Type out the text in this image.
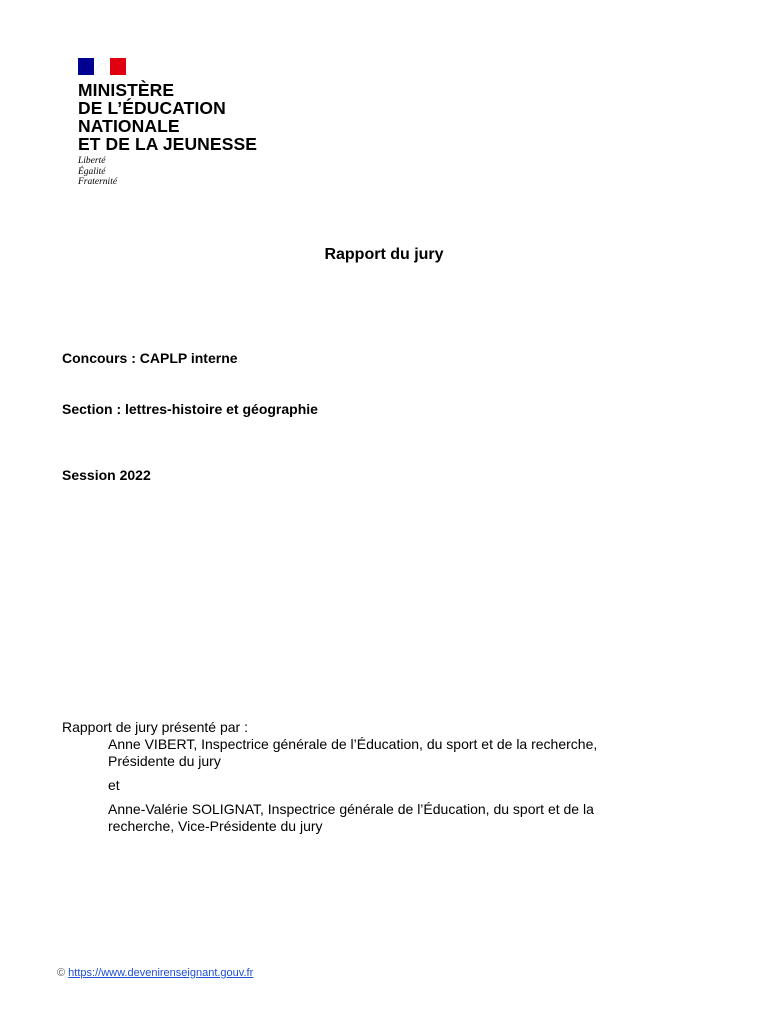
MINISTÈRE
DE L’ÉDUCATION
NATIONALE
ET DE LA JEUNESSE
Liberté
Égalité
Fraternité
Rapport du jury
Concours : CAPLP interne
Section : lettres-histoire et géographie
Session 2022
Rapport de jury présenté par :
Anne VIBERT, Inspectrice générale de l’Éducation, du sport et de la recherche,
Présidente du jury
et
Anne-Valérie SOLIGNAT, Inspectrice générale de l’Éducation, du sport et de la
recherche, Vice-Présidente du jury
© https://www.devenirenseignant.gouv.fr
